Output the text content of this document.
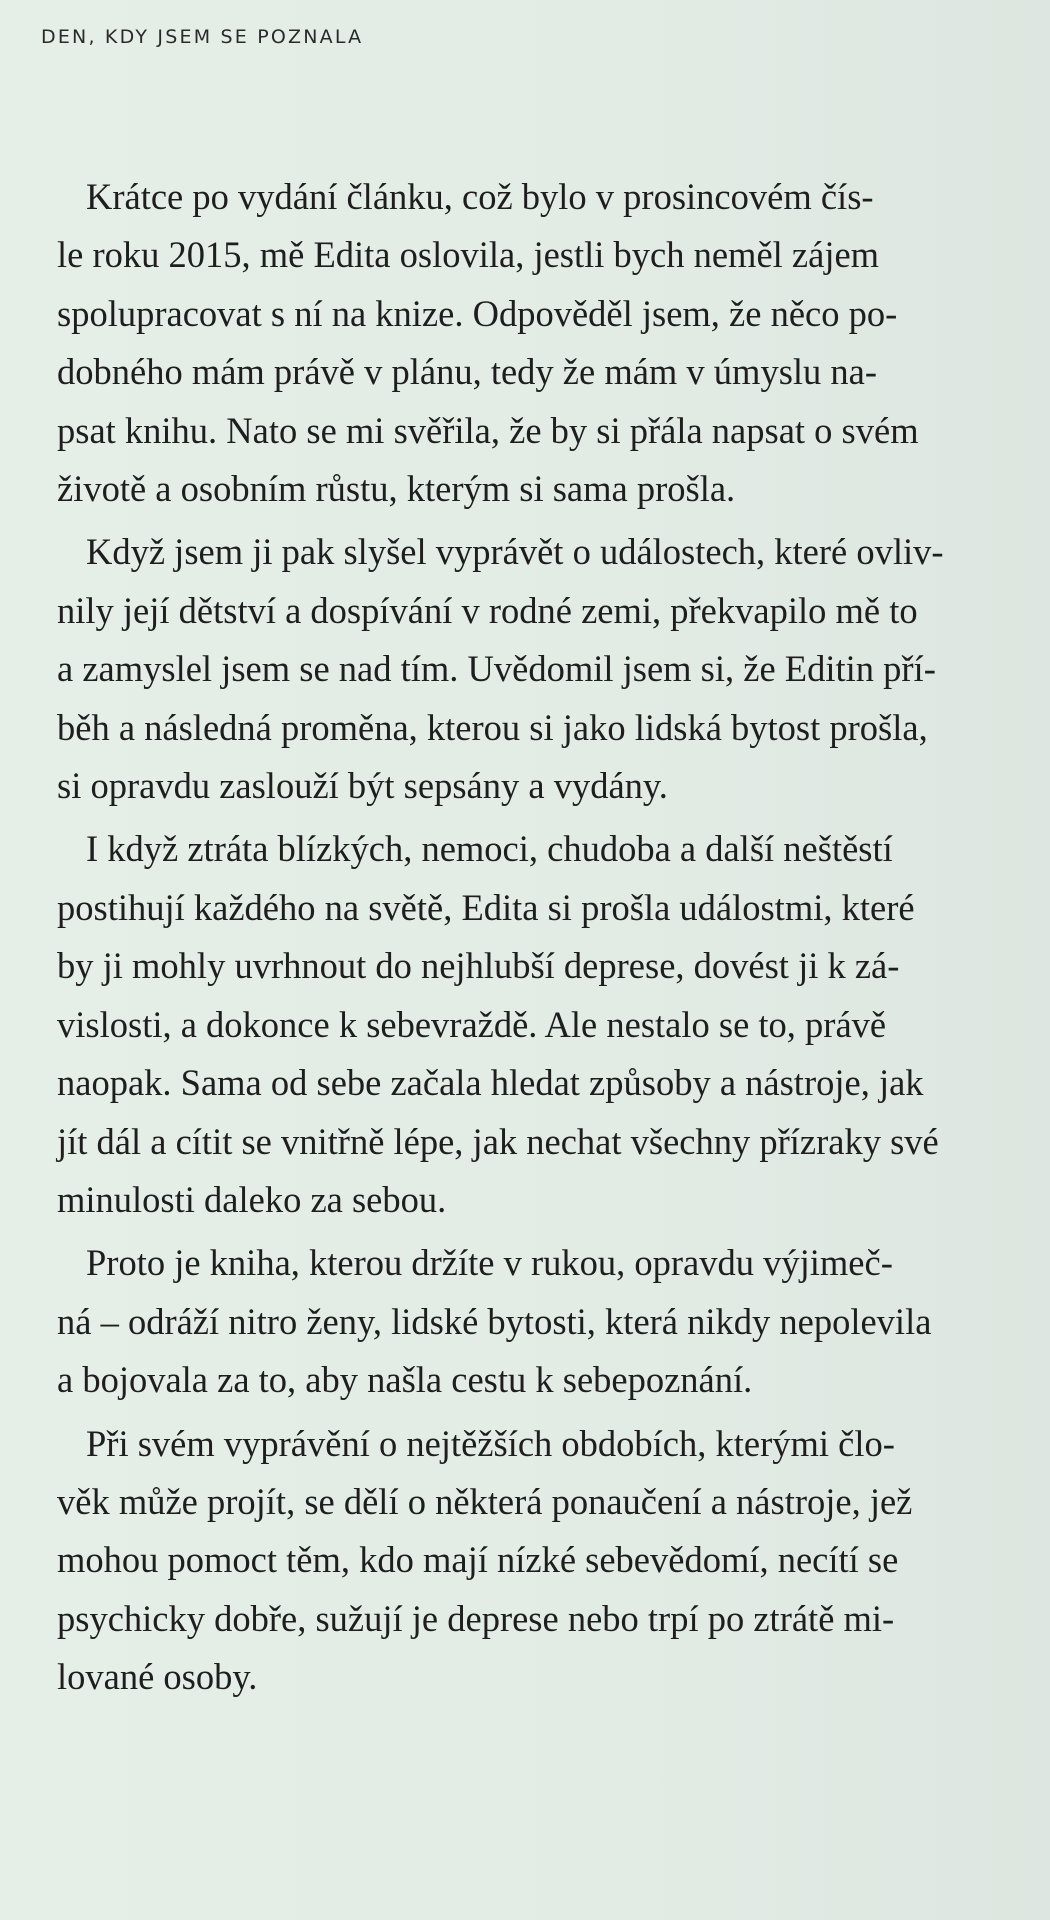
DEN, KDY JSEM SE POZNALA
Krátce po vydání článku, což bylo v prosincovém čís-
le roku 2015, mě Edita oslovila, jestli bych neměl zájem
spolupracovat s ní na knize. Odpověděl jsem, že něco po-
dobného mám právě v plánu, tedy že mám v úmyslu na-
psat knihu. Nato se mi svěřila, že by si přála napsat o svém
životě a osobním růstu, kterým si sama prošla.
Když jsem ji pak slyšel vyprávět o událostech, které ovliv-
nily její dětství a dospívání v rodné zemi, překvapilo mě to
a zamyslel jsem se nad tím. Uvědomil jsem si, že Editin pří-
běh a následná proměna, kterou si jako lidská bytost prošla,
si opravdu zaslouží být sepsány a vydány.
I když ztráta blízkých, nemoci, chudoba a další neštěstí
postihují každého na světě, Edita si prošla událostmi, které
by ji mohly uvrhnout do nejhlubší deprese, dovést ji k zá-
vislosti, a dokonce k sebevraždě. Ale nestalo se to, právě
naopak. Sama od sebe začala hledat způsoby a nástroje, jak
jít dál a cítit se vnitřně lépe, jak nechat všechny přízraky své
minulosti daleko za sebou.
Proto je kniha, kterou držíte v rukou, opravdu výjimeč-
ná – odráží nitro ženy, lidské bytosti, která nikdy nepolevila
a bojovala za to, aby našla cestu k sebepoznání.
Při svém vyprávění o nejtěžších obdobích, kterými člo-
věk může projít, se dělí o některá ponaučení a nástroje, jež
mohou pomoct těm, kdo mají nízké sebevědomí, necítí se
psychicky dobře, sužují je deprese nebo trpí po ztrátě mi-
lované osoby.
